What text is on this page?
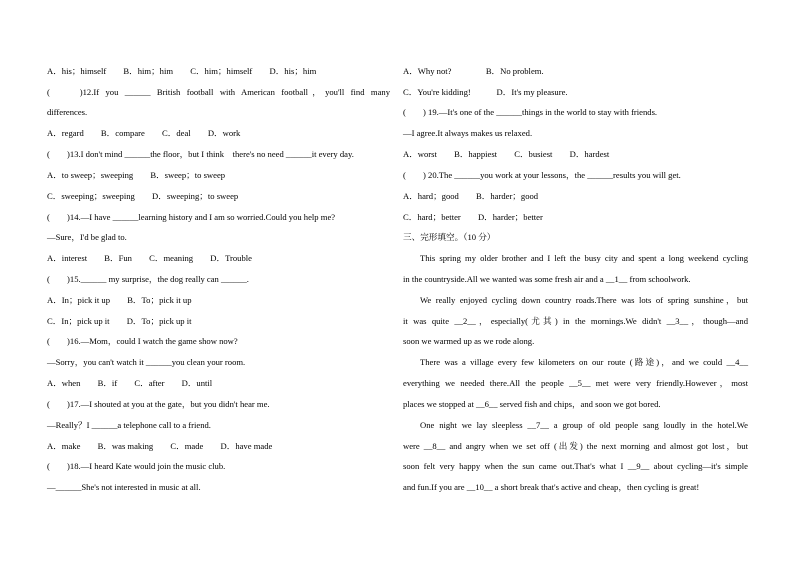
A．his；himself　　B．him；him　　C．him；himself　　D．his；him
(　　)12.If you ______ British football with American football，you'll find many
differences.
A．regard　　B．compare　　C．deal　　D．work
(　　)13.I don't mind ______the floor，but I think　there's no need ______it every day.
A．to sweep；sweeping　　B．sweep；to sweep
C．sweeping；sweeping　　D．sweeping；to sweep
(　　)14.—I have ______learning history and I am so worried.Could you help me?
—Sure，I'd be glad to.
A．interest　　B．Fun　　C．meaning　　D．Trouble
(　　)15.______ my surprise，the dog really can ______.
A．In；pick it up　　B．To；pick it up
C．In；pick up it　　D．To；pick up it
(　　)16.—Mom，could I watch the game show now?
—Sorry，you can't watch it ______you clean your room.
A．when　　B．if　　C．after　　D．until
(　　)17.—I shouted at you at the gate，but you didn't hear me.
—Really？I ______a telephone call to a friend.
A．make　　B．was making　　C．made　　D．have made
(　　)18.—I heard Kate would join the music club.
—______She's not interested in music at all.
A．Why not?　　　　B．No problem.
C．You're kidding!　　　D．It's my pleasure.
(　　) 19.—It's one of the ______things in the world to stay with friends.
—I agree.It always makes us relaxed.
A．worst　　B．happiest　　C．busiest　　D．hardest
(　　) 20.The ______you work at your lessons，the ______results you will get.
A．hard；good　　B．harder；good
C．hard；better　　D．harder；better
三、完形填空。（10 分）
This spring my older brother and I left the busy city and spent a long weekend cycling
in the countryside.All we wanted was some fresh air and a __1__ from schoolwork.
We really enjoyed cycling down country roads.There was lots of spring sunshine，but
it was quite __2__，especially(尤其) in the mornings.We didn't __3__，though—and
soon we warmed up as we rode along.
There was a village every few kilometers on our route (路途)，and we could __4__
everything we needed there.All the people __5__ met were very friendly.However，most
places we stopped at __6__ served fish and chips，and soon we got bored.
One night we lay sleepless __7__ a group of old people sang loudly in the hotel.We
were __8__ and angry when we set off (出发) the next morning and almost got lost，but
soon felt very happy when the sun came out.That's what I __9__ about cycling—it's simple
and fun.If you are __10__ a short break that's active and cheap，then cycling is great!
